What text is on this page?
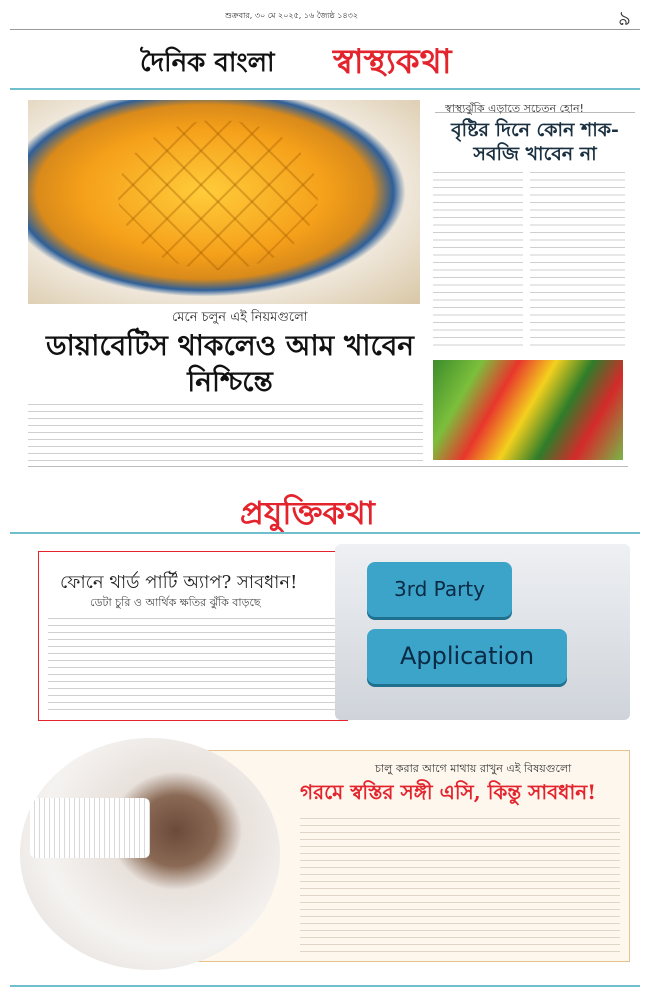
শুক্রবার, ৩০ মে ২০২৫, ১৬ জ্যৈষ্ঠ ১৪৩২	৯
দৈনিক বাংলা স্বাস্থ্যকথা
স্বাস্থ্যঝুঁকি এড়াতে সচেতন হোন!
বৃষ্টির দিনে কোন শাক-সবজি খাবেন না
মেনে চলুন এই নিয়মগুলো
ডায়াবেটিস থাকলেও আম খাবেন নিশ্চিন্তে
প্রযুক্তিকথা
ফোনে থার্ড পার্টি অ্যাপ? সাবধান!
ডেটা চুরি ও আর্থিক ক্ষতির ঝুঁকি বাড়ছে
3rd Party
Application
চালু করার আগে মাথায় রাখুন এই বিষয়গুলো
গরমে স্বস্তির সঙ্গী এসি, কিন্তু সাবধান!
